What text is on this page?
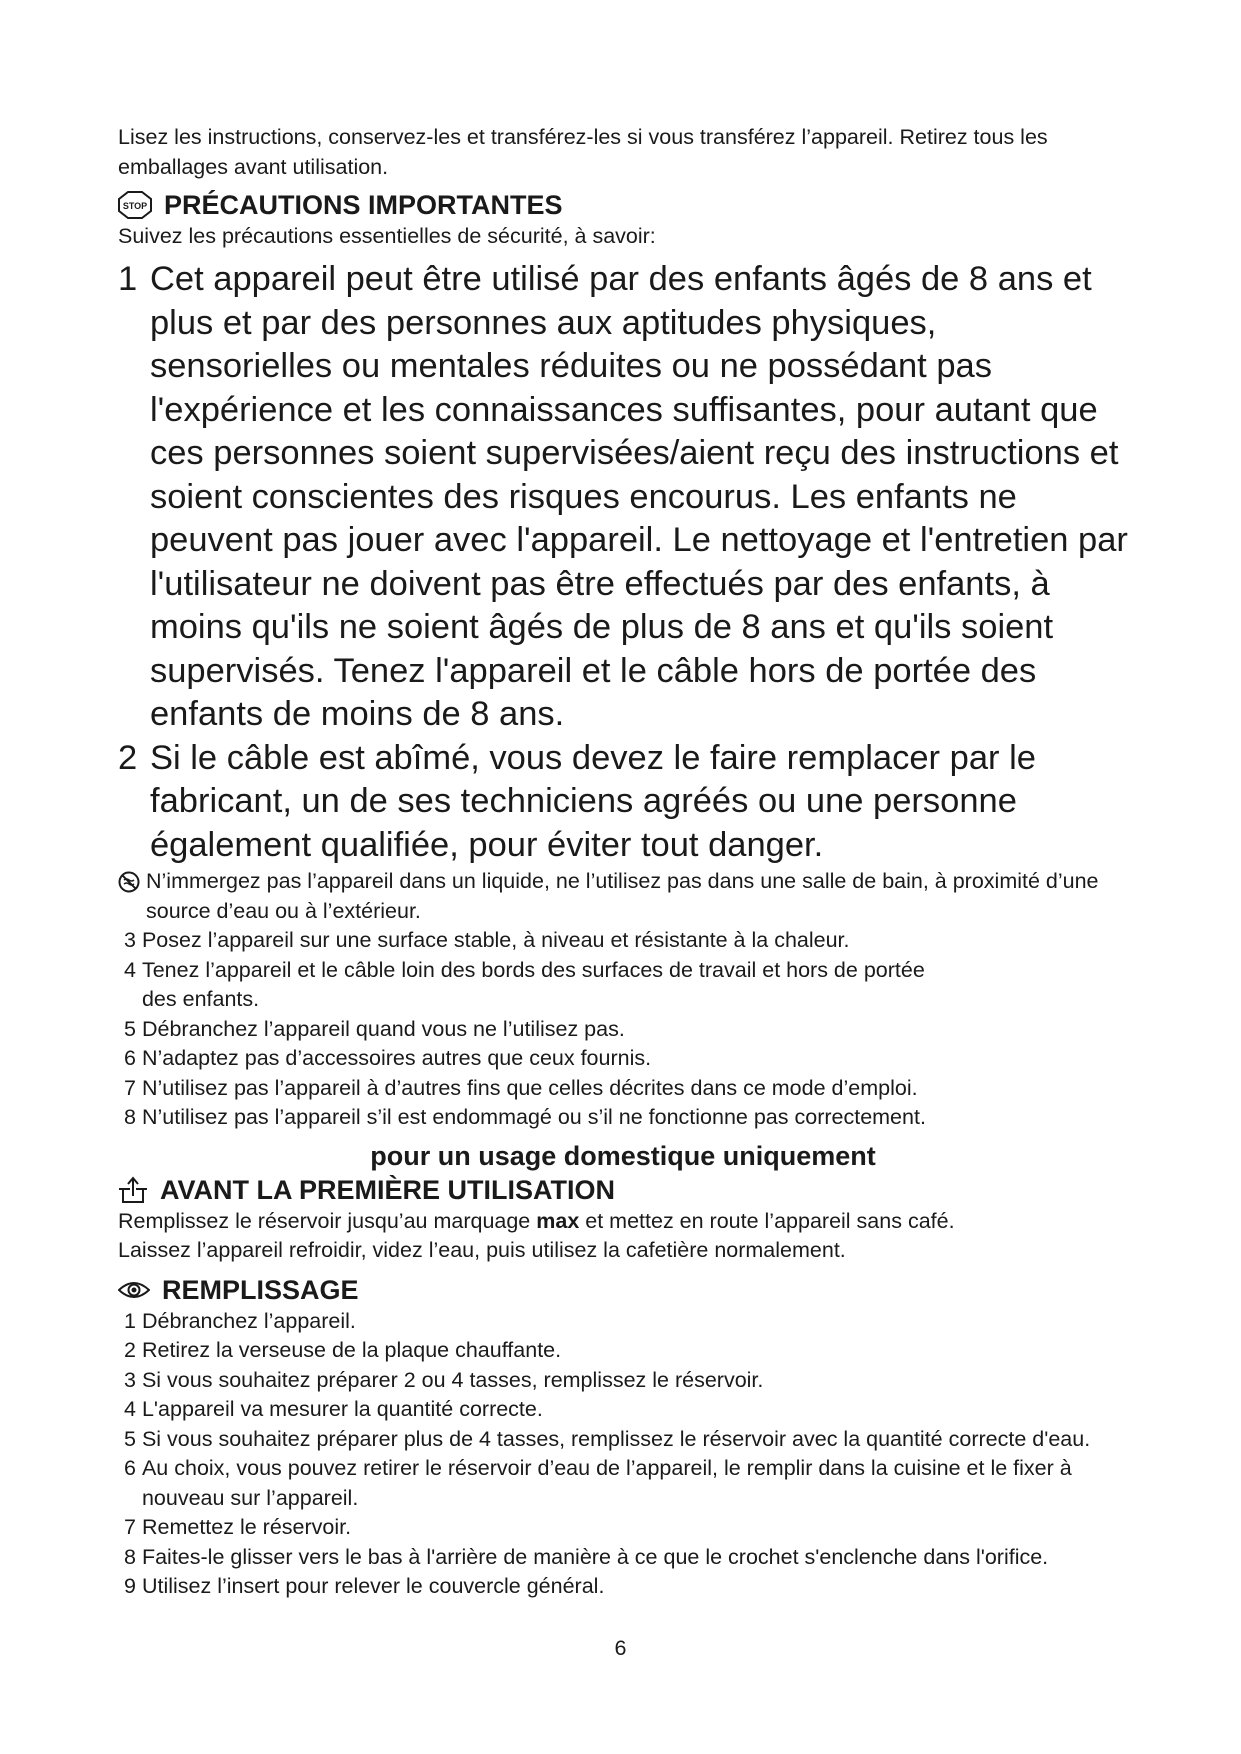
Lisez les instructions, conservez-les et transférez-les si vous transférez l’appareil. Retirez tous les emballages avant utilisation.

STOP PRÉCAUTIONS IMPORTANTES

Suivez les précautions essentielles de sécurité, à savoir:

1 Cet appareil peut être utilisé par des enfants âgés de 8 ans et plus et par des personnes aux aptitudes physiques, sensorielles ou mentales réduites ou ne possédant pas l'expérience et les connaissances suffisantes, pour autant que ces personnes soient supervisées/aient reçu des instructions et soient conscientes des risques encourus. Les enfants ne peuvent pas jouer avec l'appareil. Le nettoyage et l'entretien par l'utilisateur ne doivent pas être effectués par des enfants, à moins qu'ils ne soient âgés de plus de 8 ans et qu'ils soient supervisés. Tenez l'appareil et le câble hors de portée des enfants de moins de 8 ans.
2 Si le câble est abîmé, vous devez le faire remplacer par le fabricant, un de ses techniciens agréés ou une personne également qualifiée, pour éviter tout danger.
N’immergez pas l’appareil dans un liquide, ne l’utilisez pas dans une salle de bain, à proximité d’une source d’eau ou à l’extérieur.
3 Posez l’appareil sur une surface stable, à niveau et résistante à la chaleur.
4 Tenez l’appareil et le câble loin des bords des surfaces de travail et hors de portée des enfants.
5 Débranchez l’appareil quand vous ne l’utilisez pas.
6 N’adaptez pas d’accessoires autres que ceux fournis.
7 N’utilisez pas l’appareil à d’autres fins que celles décrites dans ce mode d’emploi.
8 N’utilisez pas l’appareil s’il est endommagé ou s’il ne fonctionne pas correctement.
pour un usage domestique uniquement
AVANT LA PREMIÈRE UTILISATION

Remplissez le réservoir jusqu’au marquage max et mettez en route l’appareil sans café.

Laissez l’appareil refroidir, videz l’eau, puis utilisez la cafetière normalement.

REMPLISSAGE
1 Débranchez l’appareil.
2 Retirez la verseuse de la plaque chauffante.
3 Si vous souhaitez préparer 2 ou 4 tasses, remplissez le réservoir.
4 L'appareil va mesurer la quantité correcte.
5 Si vous souhaitez préparer plus de 4 tasses, remplissez le réservoir avec la quantité correcte d'eau.
6 Au choix, vous pouvez retirer le réservoir d’eau de l’appareil, le remplir dans la cuisine et le fixer à nouveau sur l’appareil.
7 Remettez le réservoir.
8 Faites-le glisser vers le bas à l'arrière de manière à ce que le crochet s'enclenche dans l'orifice.
9 Utilisez l’insert pour relever le couvercle général.
6
